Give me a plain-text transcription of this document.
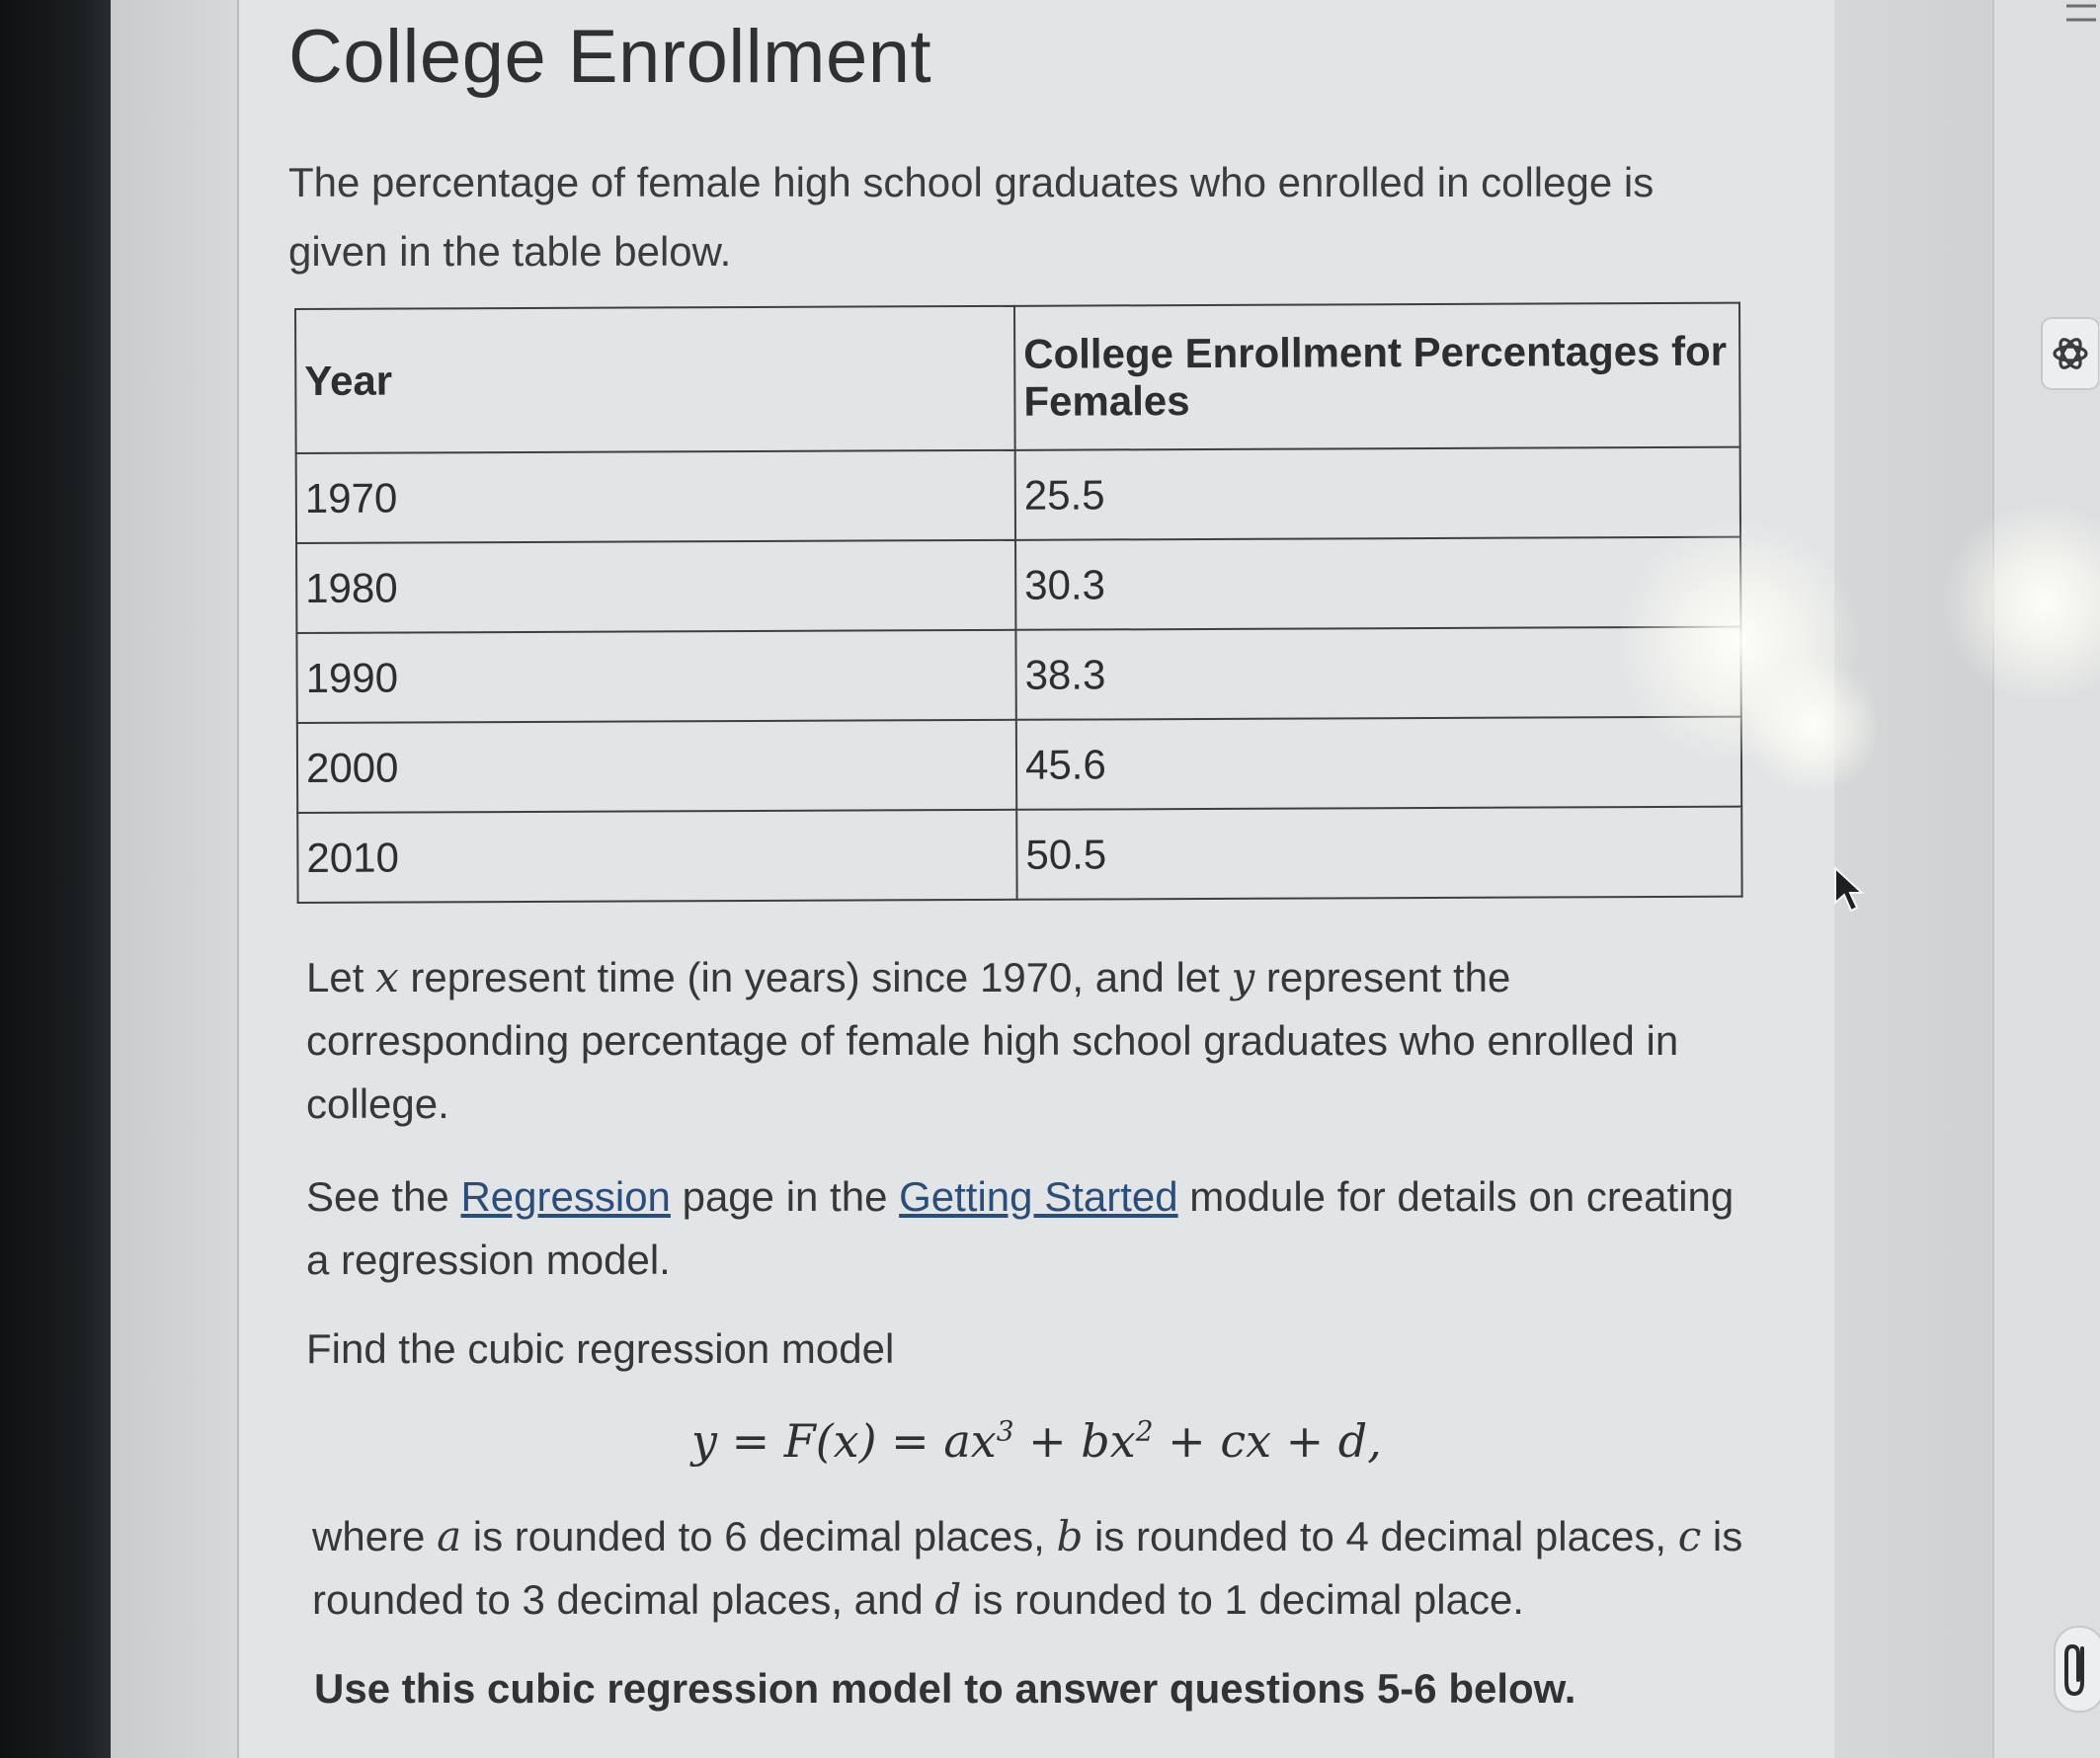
College Enrollment

The percentage of female high school graduates who enrolled in college is given in the table below.

Year	College Enrollment Percentages for Females
1970	25.5
1980	30.3
1990	38.3
2000	45.6
2010	50.5

Let x represent time (in years) since 1970, and let y represent the corresponding percentage of female high school graduates who enrolled in college.

See the Regression page in the Getting Started module for details on creating a regression model.

Find the cubic regression model

$y = F(x) = ax^3 + bx^2$ + cx + d,

where a is rounded to 6 decimal places, b is rounded to 4 decimal places, c is rounded to 3 decimal places, and d is rounded to 1 decimal place.

Use this cubic regression model to answer questions 5-6 below.
